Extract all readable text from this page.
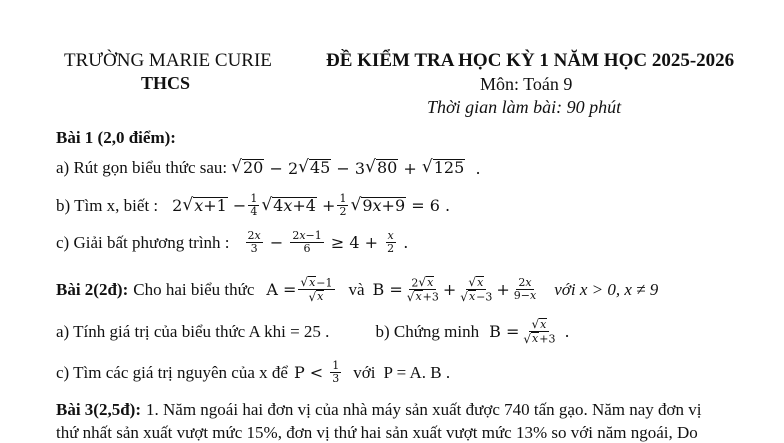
TRƯỜNG MARIE CURIE
THCS
ĐỀ KIỂM TRA HỌC KỲ 1 NĂM HỌC 2025-2026
Môn: Toán 9
Thời gian làm bài: 90 phút
Bài 1 (2,0 điểm):
a) Rút gọn biểu thức sau: √ 20 − 2 √ 45 − 3 √ 80 + √ 125 .
b) Tìm x, biết : 2 √ $x+1 - \frac{1}{4}$ √ $4x+4 + \frac{1}{2}$ √ 9x+9 = 6 .
c) Giải bất phương trình : $\frac{2x}{3} - \frac{2x-1}{6} \ge 4 + \frac{x}{2}$ .
Bài 2(2đ): Cho hai biểu thức $A = \frac{√ x -1}{√ x}$ và $B = \frac{2 √ x}{√ x +3} + \frac{√ x}{√ x -3} + \frac{2x}{9-x}$ với x > 0, x ≠ 9
a) Tính giá trị của biểu thức A khi = 25 .	b) Chứng minh $B = \frac{√ x}{√ x +3}$ .
c) Tìm các giá trị nguyên của x để $P < \frac{1}{3}$ với P = A. B .
Bài 3(2,5đ): 1. Năm ngoái hai đơn vị của nhà máy sản xuất được 740 tấn gạo. Năm nay đơn vị
thứ nhất sản xuất vượt mức 15%, đơn vị thứ hai sản xuất vượt mức 13% so với năm ngoái, Do
